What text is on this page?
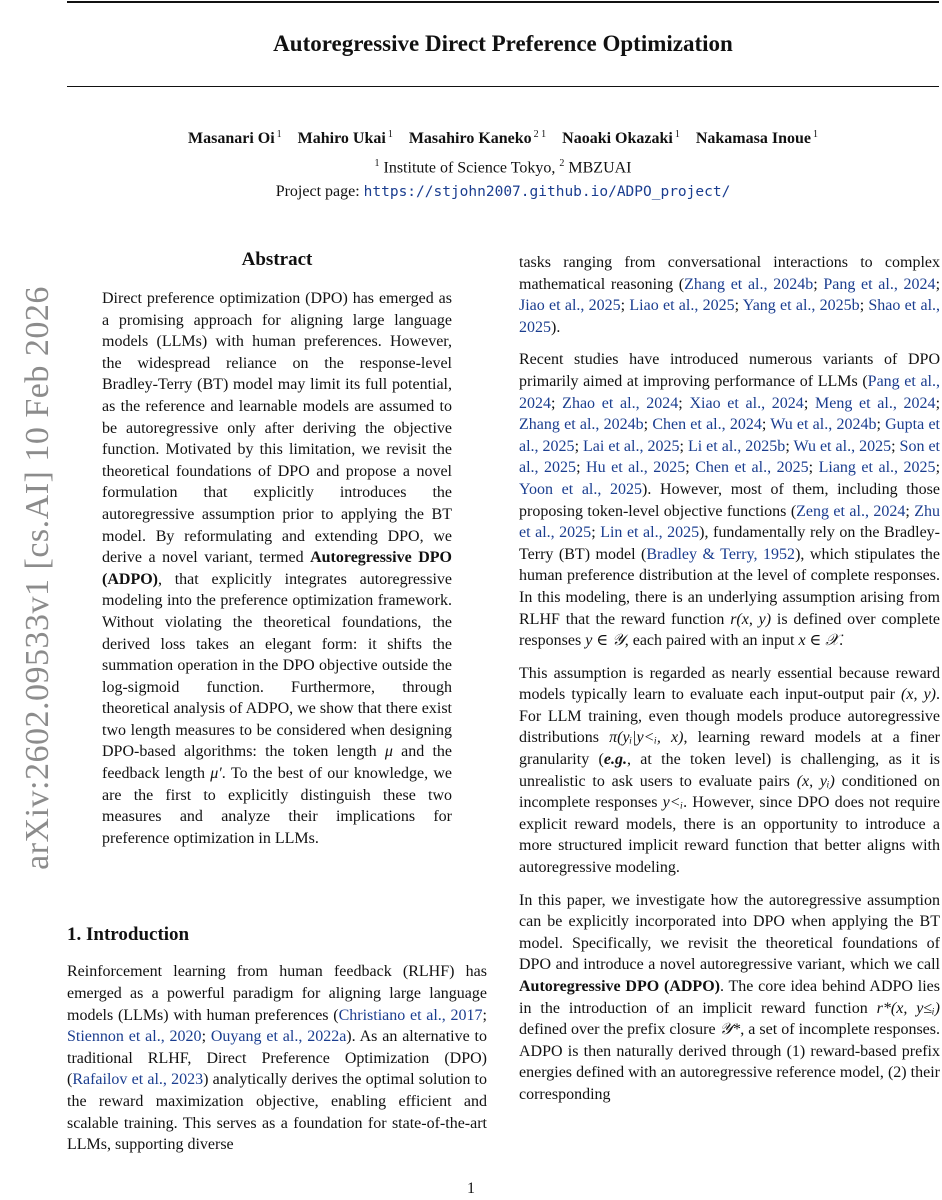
Autoregressive Direct Preference Optimization
Masanari Oi $^1$ Mahiro Ukai $^1$ Masahiro Kaneko $^{2 1}$ Naoaki Okazaki $^1$ Nakamasa Inoue $^1$
$^1$ Institute of Science Tokyo, $^2$ MBZUAI
Project page: https://stjohn2007.github.io/ADPO_project/
arXiv:2602.09533v1 [cs.AI] 10 Feb 2026
Abstract

Direct preference optimization (DPO) has emerged as a promising approach for aligning large language models (LLMs) with human preferences. However, the widespread reliance on the response-level Bradley-Terry (BT) model may limit its full potential, as the reference and learnable models are assumed to be autoregressive only after deriving the objective function. Motivated by this limitation, we revisit the theoretical foundations of DPO and propose a novel formulation that explicitly introduces the autoregressive assumption prior to applying the BT model. By reformulating and extending DPO, we derive a novel variant, termed Autoregressive DPO (ADPO), that explicitly integrates autoregressive modeling into the preference optimization framework. Without violating the theoretical foundations, the derived loss takes an elegant form: it shifts the summation operation in the DPO objective outside the log-sigmoid function. Furthermore, through theoretical analysis of ADPO, we show that there exist two length measures to be considered when designing DPO-based algorithms: the token length μ and the feedback length μ′. To the best of our knowledge, we are the first to explicitly distinguish these two measures and analyze their implications for preference optimization in LLMs.

1. Introduction

Reinforcement learning from human feedback (RLHF) has emerged as a powerful paradigm for aligning large language models (LLMs) with human preferences (Christiano et al., 2017; Stiennon et al., 2020; Ouyang et al., 2022a). As an alternative to traditional RLHF, Direct Preference Optimization (DPO) (Rafailov et al., 2023) analytically derives the optimal solution to the reward maximization objective, enabling efficient and scalable training. This serves as a foundation for state-of-the-art LLMs, supporting diverse

tasks ranging from conversational interactions to complex mathematical reasoning (Zhang et al., 2024b; Pang et al., 2024; Jiao et al., 2025; Liao et al., 2025; Yang et al., 2025b; Shao et al., 2025).

Recent studies have introduced numerous variants of DPO primarily aimed at improving performance of LLMs (Pang et al., 2024; Zhao et al., 2024; Xiao et al., 2024; Meng et al., 2024; Zhang et al., 2024b; Chen et al., 2024; Wu et al., 2024b; Gupta et al., 2025; Lai et al., 2025; Li et al., 2025b; Wu et al., 2025; Son et al., 2025; Hu et al., 2025; Chen et al., 2025; Liang et al., 2025; Yoon et al., 2025). However, most of them, including those proposing token-level objective functions (Zeng et al., 2024; Zhu et al., 2025; Lin et al., 2025), fundamentally rely on the Bradley-Terry (BT) model (Bradley & Terry, 1952), which stipulates the human preference distribution at the level of complete responses. In this modeling, there is an underlying assumption arising from RLHF that the reward function r(x, y) is defined over complete responses y ∈ 𝒴, each paired with an input x ∈ 𝒳.

This assumption is regarded as nearly essential because reward models typically learn to evaluate each input-output pair (x, y). For LLM training, even though models produce autoregressive distributions π(yᵢ|y<ᵢ, x), learning reward models at a finer granularity (e.g., at the token level) is challenging, as it is unrealistic to ask users to evaluate pairs (x, yᵢ) conditioned on incomplete responses y<ᵢ. However, since DPO does not require explicit reward models, there is an opportunity to introduce a more structured implicit reward function that better aligns with autoregressive modeling.

In this paper, we investigate how the autoregressive assumption can be explicitly incorporated into DPO when applying the BT model. Specifically, we revisit the theoretical foundations of DPO and introduce a novel autoregressive variant, which we call Autoregressive DPO (ADPO). The core idea behind ADPO lies in the introduction of an implicit reward function r*(x, y≤ᵢ) defined over the prefix closure 𝒴*, a set of incomplete responses. ADPO is then naturally derived through (1) reward-based prefix energies defined with an autoregressive reference model, (2) their corresponding

1
